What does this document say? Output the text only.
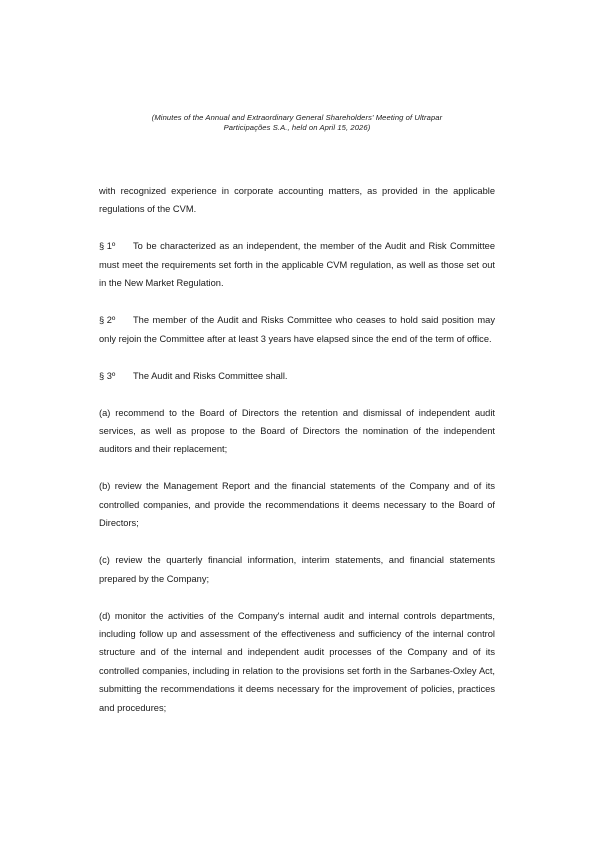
(Minutes of the Annual and Extraordinary General Shareholders' Meeting of Ultrapar
Participações S.A., held on April 15, 2026)

with recognized experience in corporate accounting matters, as provided in the applicable regulations of the CVM.

§ 1º To be characterized as an independent, the member of the Audit and Risk Committee must meet the requirements set forth in the applicable CVM regulation, as well as those set out in the New Market Regulation.

§ 2º The member of the Audit and Risks Committee who ceases to hold said position may only rejoin the Committee after at least 3 years have elapsed since the end of the term of office.

§ 3º The Audit and Risks Committee shall.

(a) recommend to the Board of Directors the retention and dismissal of independent audit services, as well as propose to the Board of Directors the nomination of the independent auditors and their replacement;

(b) review the Management Report and the financial statements of the Company and of its controlled companies, and provide the recommendations it deems necessary to the Board of Directors;

(c) review the quarterly financial information, interim statements, and financial statements prepared by the Company;

(d) monitor the activities of the Company's internal audit and internal controls departments, including follow up and assessment of the effectiveness and sufficiency of the internal control structure and of the internal and independent audit processes of the Company and of its controlled companies, including in relation to the provisions set forth in the Sarbanes-Oxley Act, submitting the recommendations it deems necessary for the improvement of policies, practices and procedures;
